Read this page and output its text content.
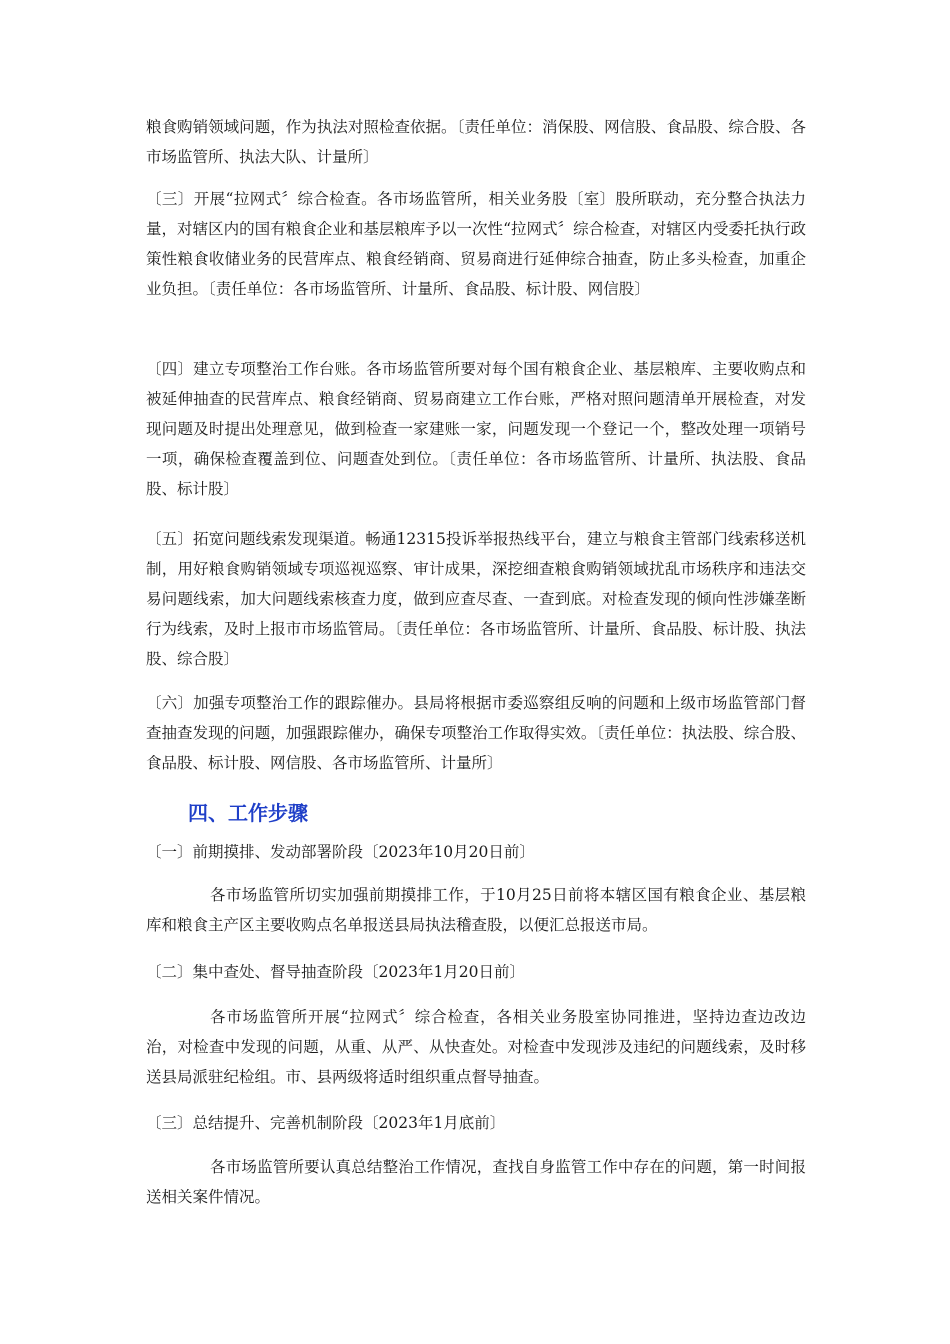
粮食购销领域问题，作为执法对照检查依据。〔责任单位：消保股、网信股、食品股、综合股、各市场监管所、执法大队、计量所〕

〔三〕开展“拉网式〞综合检查。各市场监管所，相关业务股〔室〕股所联动，充分整合执法力量，对辖区内的国有粮食企业和基层粮库予以一次性“拉网式〞综合检查，对辖区内受委托执行政策性粮食收储业务的民营库点、粮食经销商、贸易商进行延伸综合抽查，防止多头检查，加重企业负担。〔责任单位：各市场监管所、计量所、食品股、标计股、网信股〕

〔四〕建立专项整治工作台账。各市场监管所要对每个国有粮食企业、基层粮库、主要收购点和被延伸抽查的民营库点、粮食经销商、贸易商建立工作台账，严格对照问题清单开展检查，对发现问题及时提出处理意见，做到检查一家建账一家，问题发现一个登记一个，整改处理一项销号一项，确保检查覆盖到位、问题查处到位。〔责任单位：各市场监管所、计量所、执法股、食品股、标计股〕

〔五〕拓宽问题线索发现渠道。畅通12315投诉举报热线平台，建立与粮食主管部门线索移送机制，用好粮食购销领域专项巡视巡察、审计成果，深挖细查粮食购销领域扰乱市场秩序和违法交易问题线索，加大问题线索核查力度，做到应查尽查、一查到底。对检查发现的倾向性涉嫌垄断行为线索，及时上报市市场监管局。〔责任单位：各市场监管所、计量所、食品股、标计股、执法股、综合股〕

〔六〕加强专项整治工作的跟踪催办。县局将根据市委巡察组反响的问题和上级市场监管部门督查抽查发现的问题，加强跟踪催办，确保专项整治工作取得实效。〔责任单位：执法股、综合股、食品股、标计股、网信股、各市场监管所、计量所〕

四、工作步骤

〔一〕前期摸排、发动部署阶段〔2023年10月20日前〕

各市场监管所切实加强前期摸排工作，于10月25日前将本辖区国有粮食企业、基层粮库和粮食主产区主要收购点名单报送县局执法稽查股，以便汇总报送市局。

〔二〕集中查处、督导抽查阶段〔2023年1月20日前〕

各市场监管所开展“拉网式〞综合检查，各相关业务股室协同推进，坚持边查边改边治，对检查中发现的问题，从重、从严、从快查处。对检查中发现涉及违纪的问题线索，及时移送县局派驻纪检组。市、县两级将适时组织重点督导抽查。

〔三〕总结提升、完善机制阶段〔2023年1月底前〕

各市场监管所要认真总结整治工作情况，查找自身监管工作中存在的问题，第一时间报送相关案件情况。
